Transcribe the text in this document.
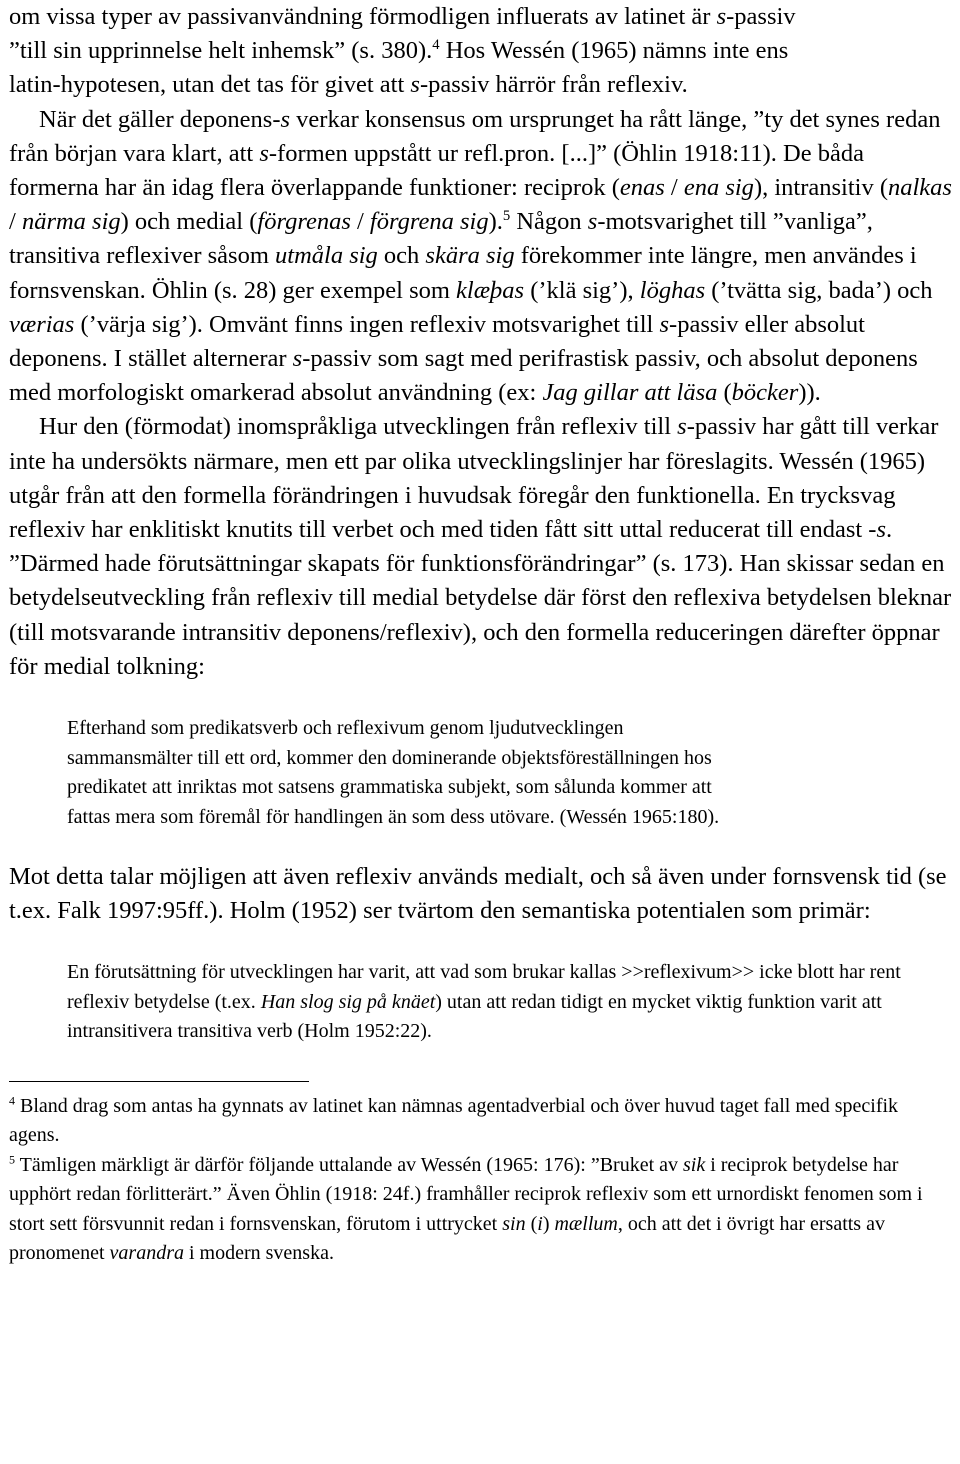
om vissa typer av passivanvändning förmodligen influerats av latinet är s-passiv
”till sin upprinnelse helt inhemsk” (s. 380).$^4$ Hos Wessén (1965) nämns inte ens
latin-hypotesen, utan det tas för givet att s-passiv härrör från reflexiv.

När det gäller deponens-s verkar konsensus om ursprunget ha rått länge, ”ty det synes redan från början vara klart, att s-formen uppstått ur refl.pron. [...]” (Öhlin 1918:11). De båda formerna har än idag flera överlappande funktioner: reciprok (enas / ena sig), intransitiv (nalkas / närma sig) och medial (förgrenas / förgrena sig).$^5$ Någon s-motsvarighet till ”vanliga”, transitiva reflexiver såsom utmåla sig och skära sig förekommer inte längre, men användes i fornsvenskan. Öhlin (s. 28) ger exempel som klæþas (’klä sig’), löghas (’tvätta sig, bada’) och værias (’värja sig’). Omvänt finns ingen reflexiv motsvarighet till s-passiv eller absolut deponens. I stället alternerar s-passiv som sagt med perifrastisk passiv, och absolut deponens med morfologiskt omarkerad absolut användning (ex: Jag gillar att läsa (böcker)).

Hur den (förmodat) inomspråkliga utvecklingen från reflexiv till s-passiv har gått till verkar inte ha undersökts närmare, men ett par olika utvecklingslinjer har föreslagits. Wessén (1965) utgår från att den formella förändringen i huvudsak föregår den funktionella. En trycksvag reflexiv har enklitiskt knutits till verbet och med tiden fått sitt uttal reducerat till endast -s. ”Därmed hade förutsättningar skapats för funktionsförändringar” (s. 173). Han skissar sedan en betydelseutveckling från reflexiv till medial betydelse där först den reflexiva betydelsen bleknar (till motsvarande intransitiv deponens/reflexiv), och den formella reduceringen därefter öppnar för medial tolkning:

Efterhand som predikatsverb och reflexivum genom ljudutvecklingen
sammansmälter till ett ord, kommer den dominerande objektsföreställningen hos
predikatet att inriktas mot satsens grammatiska subjekt, som sålunda kommer att
fattas mera som föremål för handlingen än som dess utövare. (Wessén 1965:180).

Mot detta talar möjligen att även reflexiv används medialt, och så även under fornsvensk tid (se t.ex. Falk 1997:95ff.). Holm (1952) ser tvärtom den semantiska potentialen som primär:

En förutsättning för utvecklingen har varit, att vad som brukar kallas >>reflexivum>> icke blott har rent reflexiv betydelse (t.ex. Han slog sig på knäet) utan att redan tidigt en mycket viktig funktion varit att intransitivera transitiva verb (Holm 1952:22).

$^4$ Bland drag som antas ha gynnats av latinet kan nämnas agentadverbial och över huvud taget fall med specifik agens.

$^5$ Tämligen märkligt är därför följande uttalande av Wessén (1965: 176): ”Bruket av sik i reciprok betydelse har upphört redan förlitterärt.” Även Öhlin (1918: 24f.) framhåller reciprok reflexiv som ett urnordiskt fenomen som i stort sett försvunnit redan i fornsvenskan, förutom i uttrycket sin (i) mællum, och att det i övrigt har ersatts av pronomenet varandra i modern svenska.
